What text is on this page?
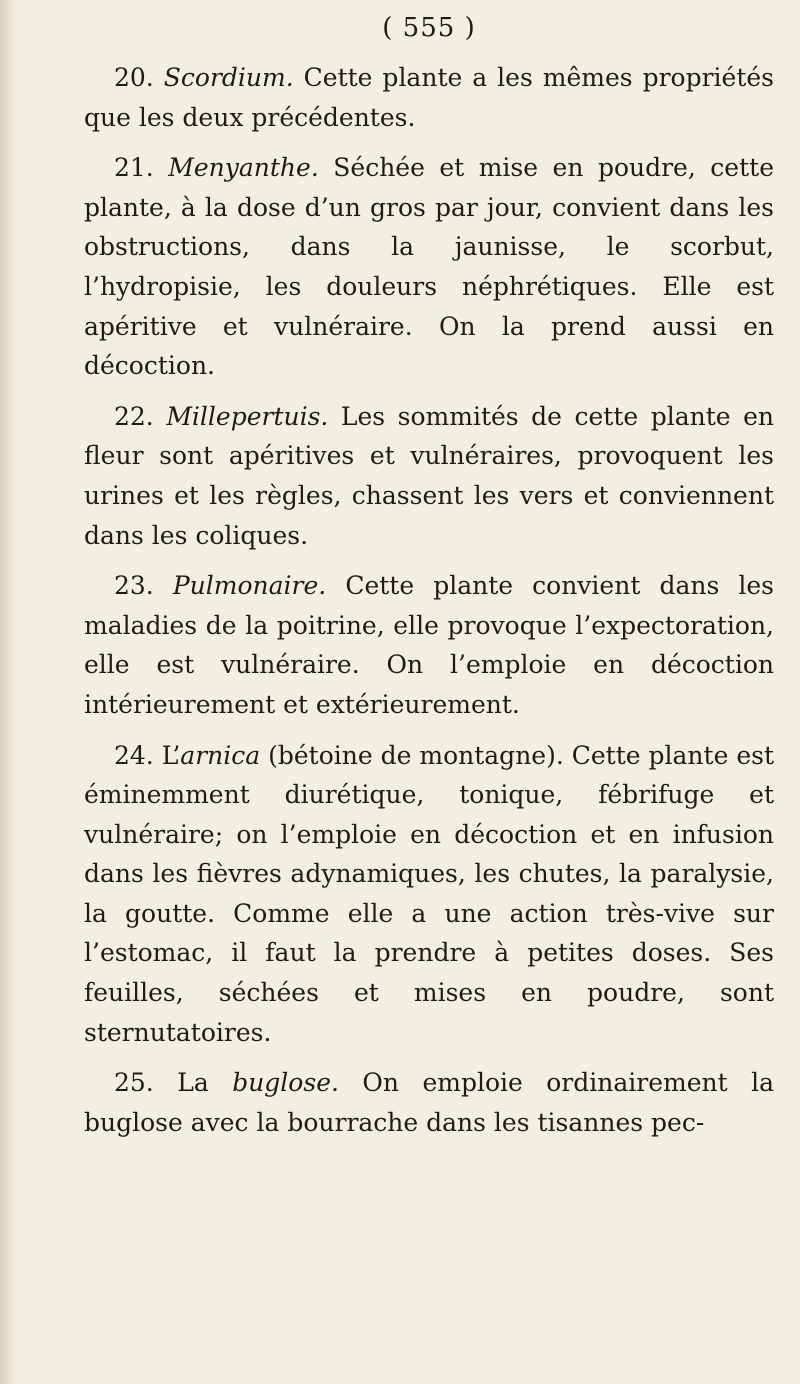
( 555 )

20. Scordium. Cette plante a les mêmes propriétés que les deux précédentes.

21. Menyanthe. Séchée et mise en poudre, cette plante, à la dose d’un gros par jour, convient dans les obstructions, dans la jaunisse, le scorbut, l’hydropisie, les douleurs néphrétiques. Elle est apéritive et vulnéraire. On la prend aussi en décoction.

22. Millepertuis. Les sommités de cette plante en fleur sont apéritives et vulnéraires, provoquent les urines et les règles, chassent les vers et conviennent dans les coliques.

23. Pulmonaire. Cette plante convient dans les maladies de la poitrine, elle provoque l’expectoration, elle est vulnéraire. On l’emploie en décoction intérieurement et extérieurement.

24. L’arnica (bétoine de montagne). Cette plante est éminemment diurétique, tonique, fébrifuge et vulnéraire; on l’emploie en décoction et en infusion dans les fièvres adynamiques, les chutes, la paralysie, la goutte. Comme elle a une action très-vive sur l’estomac, il faut la prendre à petites doses. Ses feuilles, séchées et mises en poudre, sont sternutatoires.

25. La buglose. On emploie ordinairement la buglose avec la bourrache dans les tisannes pec-
